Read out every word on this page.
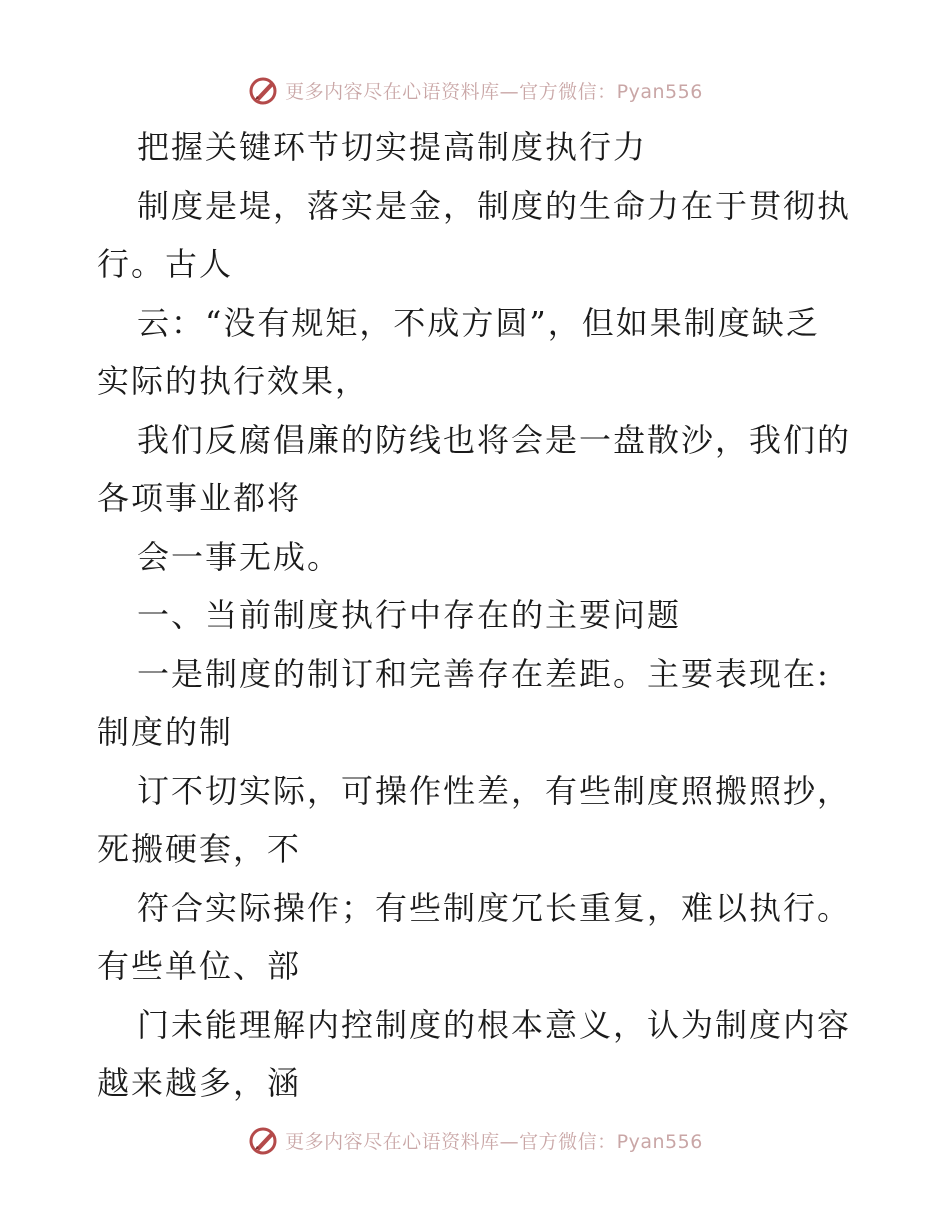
更多内容尽在心语资料库—官方微信：Pyan556
把握关键环节切实提高制度执行力
制度是堤，落实是金，制度的生命力在于贯彻执
行。古人
云：“没有规矩，不成方圆”，但如果制度缺乏
实际的执行效果，
我们反腐倡廉的防线也将会是一盘散沙，我们的
各项事业都将
会一事无成。
一、当前制度执行中存在的主要问题
一是制度的制订和完善存在差距。主要表现在:
制度的制
订不切实际，可操作性差，有些制度照搬照抄，
死搬硬套，不
符合实际操作；有些制度冗长重复，难以执行。
有些单位、部
门未能理解内控制度的根本意义，认为制度内容
越来越多，涵
更多内容尽在心语资料库—官方微信：Pyan556
